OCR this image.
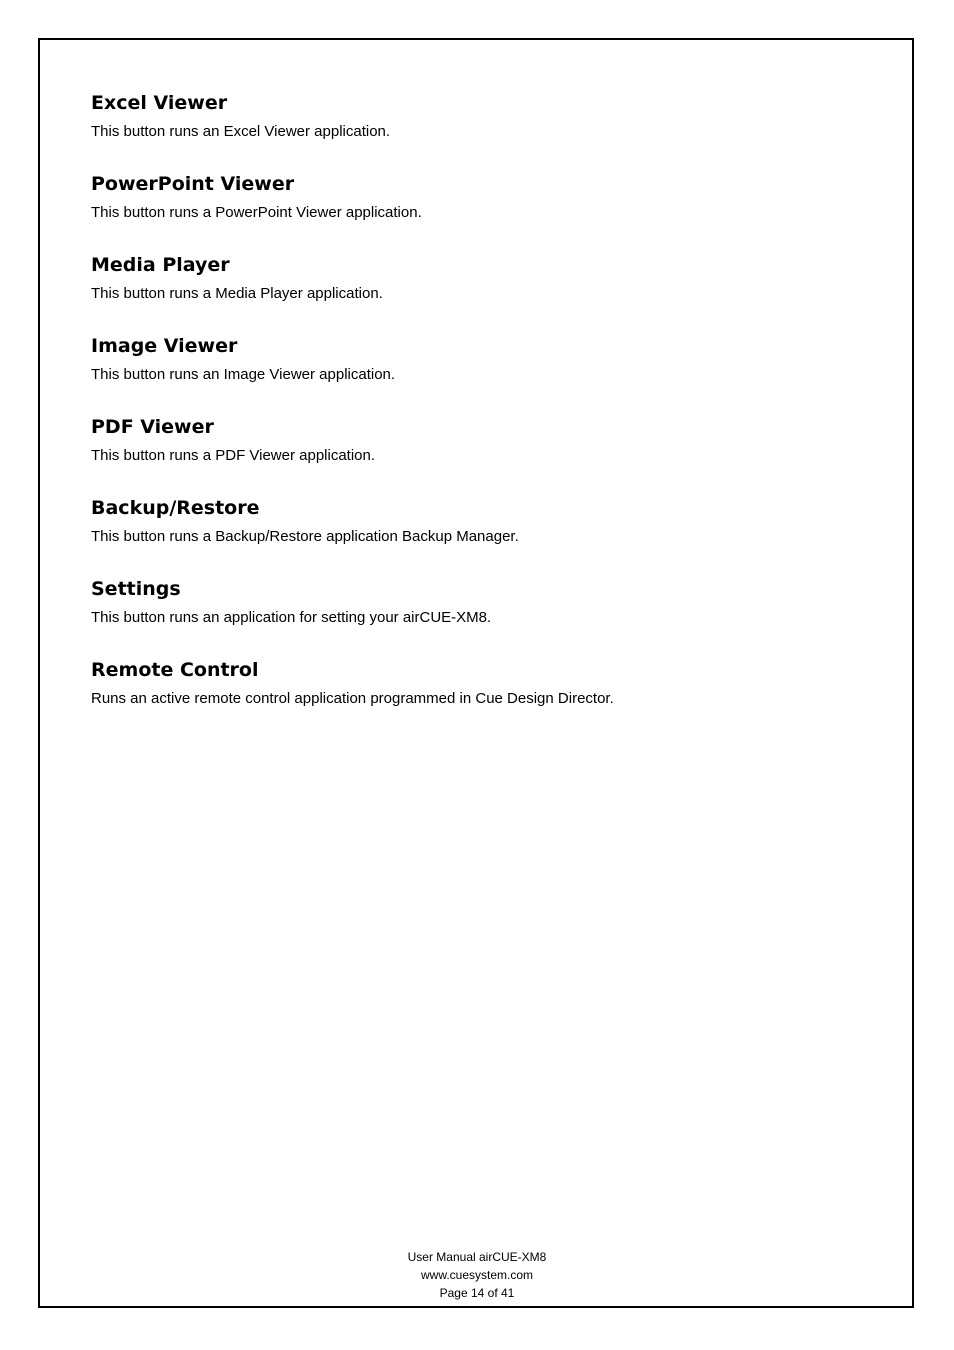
Excel Viewer

This button runs an Excel Viewer application.

PowerPoint Viewer

This button runs a PowerPoint Viewer application.

Media Player

This button runs a Media Player application.

Image Viewer

This button runs an Image Viewer application.

PDF Viewer

This button runs a PDF Viewer application.

Backup/Restore

This button runs a Backup/Restore application Backup Manager.

Settings

This button runs an application for setting your airCUE-XM8.

Remote Control

Runs an active remote control application programmed in Cue Design Director.

User Manual airCUE-XM8
www.cuesystem.com
Page 14 of 41
